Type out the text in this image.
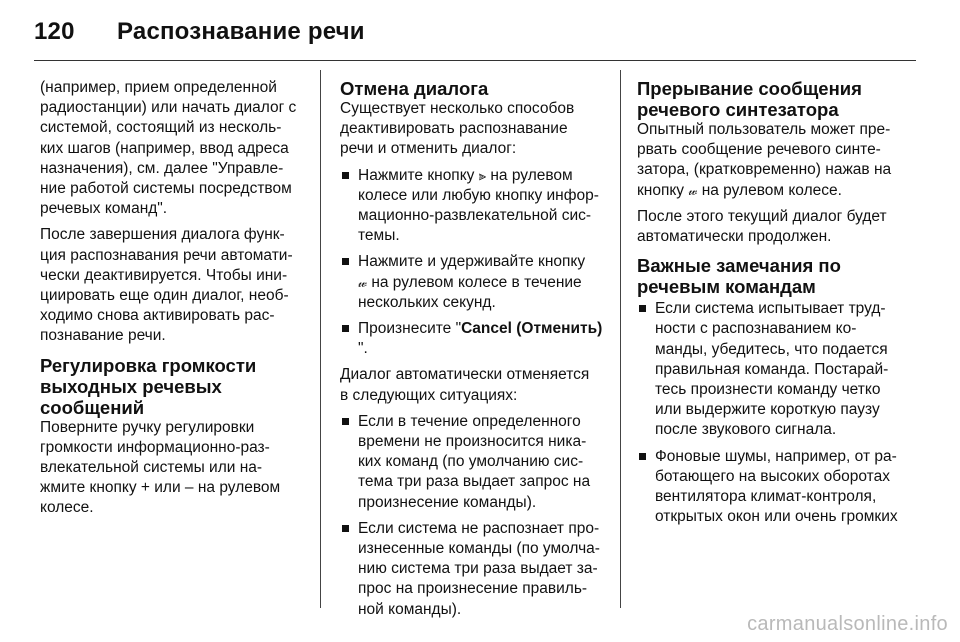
120 Распознавание речи

(например, прием определенной
радиостанции) или начать диалог с
системой, состоящий из несколь-
ких шагов (например, ввод адреса
назначения), см. далее "Управле-
ние работой системы посредством
речевых команд".

После завершения диалога функ-
ция распознавания речи автомати-
чески деактивируется. Чтобы ини-
циировать еще один диалог, необ-
ходимо снова активировать рас-
познавание речи.

Регулировка громкости
выходных речевых
сообщений

Поверните ручку регулировки
громкости информационно-раз-
влекательной системы или на-
жмите кнопку + или – на рулевом
колесе.

Отмена диалога

Существует несколько способов
деактивировать распознавание
речи и отменить диалог:

Нажмите кнопку ⫸ на рулевом
колесе или любую кнопку инфор-
мационно-развлекательной сис-
темы.
Нажмите и удерживайте кнопку
𝓌 на рулевом колесе в течение
нескольких секунд.
Произнесите "Cancel (Отменить)
".

Диалог автоматически отменяется
в следующих ситуациях:

Если в течение определенного
времени не произносится ника-
ких команд (по умолчанию сис-
тема три раза выдает запрос на
произнесение команды).
Если система не распознает про-
изнесенные команды (по умолча-
нию система три раза выдает за-
прос на произнесение правиль-
ной команды).
Прерывание сообщения
речевого синтезатора

Опытный пользователь может пре-
рвать сообщение речевого синте-
затора, (кратковременно) нажав на
кнопку 𝓌 на рулевом колесе.

После этого текущий диалог будет
автоматически продолжен.

Важные замечания по
речевым командам
Если система испытывает труд-
ности с распознаванием ко-
манды, убедитесь, что подается
правильная команда. Постарай-
тесь произнести команду четко
или выдержите короткую паузу
после звукового сигнала.
Фоновые шумы, например, от ра-
ботающего на высоких оборотах
вентилятора климат-контроля,
открытых окон или очень громких
carmanualsonline.info
